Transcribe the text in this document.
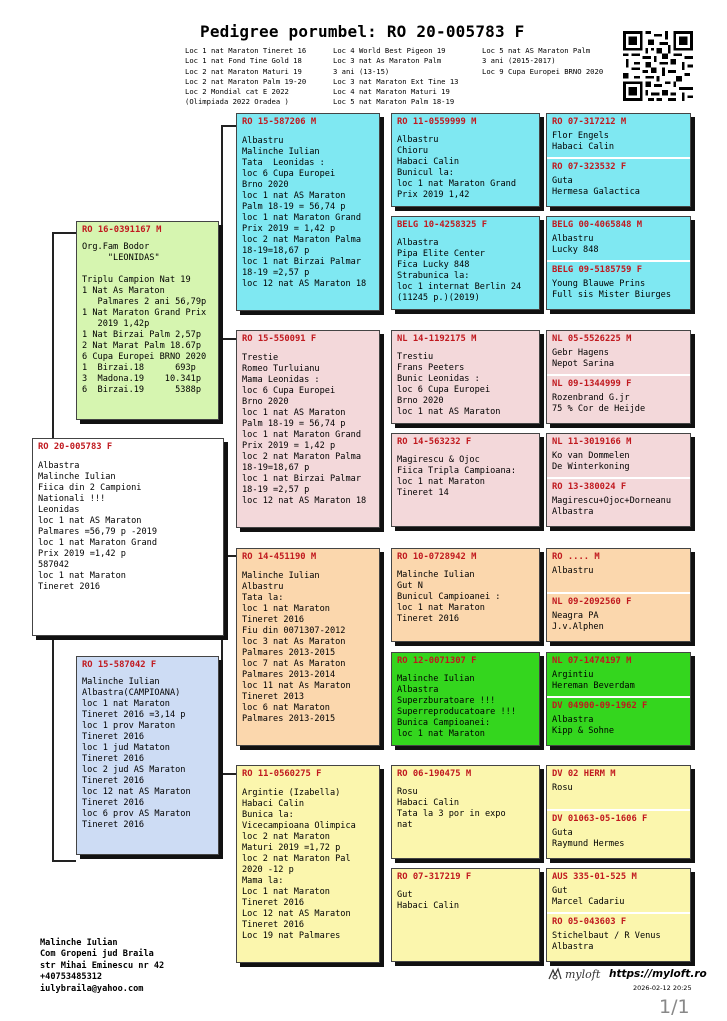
Pedigree porumbel: RO 20-005783 F
Loc 1 nat Maraton Tineret 16
Loc 1 nat Fond Tine Gold 18
Loc 2 nat Maraton Maturi 19
Loc 2 nat Maraton Palm 19-20
Loc 2 Mondial cat E 2022
(Olimpiada 2022 Oradea )
Loc 4 World Best Pigeon 19
Loc 3 nat As Maraton Palm
3 ani (13-15)
Loc 3 nat Maraton Ext Tine 13
Loc 4 nat Maraton Maturi 19
Loc 5 nat Maraton Palm 18-19
Loc 5 nat AS Maraton Palm
3 ani (2015-2017)
Loc 9 Cupa Europei BRNO 2020
RO 20-005783 F
Albastra
Malinche Iulian
Fiica din 2 Campioni
Nationali !!!
Leonidas
loc 1 nat AS Maraton
Palmares =56,79 p -2019
loc 1 nat Maraton Grand
Prix 2019 =1,42 p
587042
loc 1 nat Maraton
Tineret 2016
RO 16-0391167 M
Org.Fam Bodor
"LEONIDAS"

Triplu Campion Nat 19
1 Nat As Maraton
Palmares 2 ani 56,79p
1 Nat Maraton Grand Prix
2019 1,42p
1 Nat Birzai Palm 2,57p
2 Nat Marat Palm 18.67p
6 Cupa Europei BRNO 2020
1  Birzai.18      693p
3  Madona.19    10.341p
6  Birzai.19      5388p
RO 15-587042 F
Malinche Iulian
Albastra(CAMPIOANA)
loc 1 nat Maraton
Tineret 2016 =3,14 p
loc 1 prov Maraton
Tineret 2016
loc 1 jud Mataton
Tineret 2016
loc 2 jud AS Maraton
Tineret 2016
loc 12 nat AS Maraton
Tineret 2016
loc 6 prov AS Maraton
Tineret 2016
RO 15-587206 M
Albastru
Malinche Iulian
Tata  Leonidas :
loc 6 Cupa Europei
Brno 2020
loc 1 nat AS Maraton
Palm 18-19 = 56,74 p
loc 1 nat Maraton Grand
Prix 2019 = 1,42 p
loc 2 nat Maraton Palma
18-19=18,67 p
loc 1 nat Birzai Palmar
18-19 =2,57 p
loc 12 nat AS Maraton 18
RO 15-550091 F
Trestie
Romeo Turluianu
Mama Leonidas :
loc 6 Cupa Europei
Brno 2020
loc 1 nat AS Maraton
Palm 18-19 = 56,74 p
loc 1 nat Maraton Grand
Prix 2019 = 1,42 p
loc 2 nat Maraton Palma
18-19=18,67 p
loc 1 nat Birzai Palmar
18-19 =2,57 p
loc 12 nat AS Maraton 18
RO 14-451190 M
Malinche Iulian
Albastru
Tata la:
loc 1 nat Maraton
Tineret 2016
Fiu din 0071307-2012
loc 3 nat As Maraton
Palmares 2013-2015
loc 7 nat As Maraton
Palmares 2013-2014
loc 11 nat As Maraton
Tineret 2013
loc 6 nat Maraton
Palmares 2013-2015
RO 11-0560275 F
Argintie (Izabella)
Habaci Calin
Bunica la:
Vicecampioana Olimpica
loc 2 nat Maraton
Maturi 2019 =1,72 p
loc 2 nat Maraton Pal
2020 -12 p
Mama la:
Loc 1 nat Maraton
Tineret 2016
Loc 12 nat AS Maraton
Tineret 2016
Loc 19 nat Palmares
RO 11-0559999 M
Albastru
Chioru
Habaci Calin
Bunicul la:
loc 1 nat Maraton Grand
Prix 2019 1,42
BELG 10-4258325 F
Albastra
Pipa Elite Center
Fica Lucky 848
Strabunica la:
loc 1 internat Berlin 24
(11245 p.)(2019)
NL 14-1192175 M
Trestiu
Frans Peeters
Bunic Leonidas :
loc 6 Cupa Europei
Brno 2020
loc 1 nat AS Maraton
RO 14-563232 F
Magirescu & Ojoc
Fiica Tripla Campioana:
loc 1 nat Maraton
Tineret 14
RO 10-0728942 M
Malinche Iulian
Gut N
Bunicul Campioanei :
loc 1 nat Maraton
Tineret 2016
RO 12-0071307 F
Malinche Iulian
Albastra
Superzburatoare !!!
Superreproducatoare !!!
Bunica Campioanei:
loc 1 nat Maraton
RO 06-190475 M
Rosu
Habaci Calin
Tata la 3 por in expo
nat
RO 07-317219 F
Gut
Habaci Calin
RO 07-317212 M
Flor Engels
Habaci Calin
RO 07-323532 F
Guta
Hermesa Galactica
BELG 00-4065848 M
Albastru
Lucky 848
BELG 09-5185759 F
Young Blauwe Prins
Full sis Mister Biurges
NL 05-5526225 M
Gebr Hagens
Nepot Sarina
NL 09-1344999 F
Rozenbrand G.jr
75 % Cor de Heijde
NL 11-3019166 M
Ko van Dommelen
De Winterkoning
RO 13-380024 F
Magirescu+Ojoc+Dorneanu
Albastra
RO .... M
Albastru
NL 09-2092560 F
Neagra PA
J.v.Alphen
NL 07-1474197 M
Argintiu
Hereman Beverdam
DV 04900-09-1962 F
Albastra
Kipp & Sohne
DV 02 HERM M
Rosu
DV 01063-05-1606 F
Guta
Raymund Hermes
AUS 335-01-525 M
Gut
Marcel Cadariu
RO 05-043603 F
Stichelbaut / R Venus
Albastra
Malinche Iulian
Com Gropeni jud Braila
str Mihai Eminescu nr 42
+40753485312
iulybraila@yahoo.com
myloft https://myloft.ro
2026-02-12 20:25
1/1
